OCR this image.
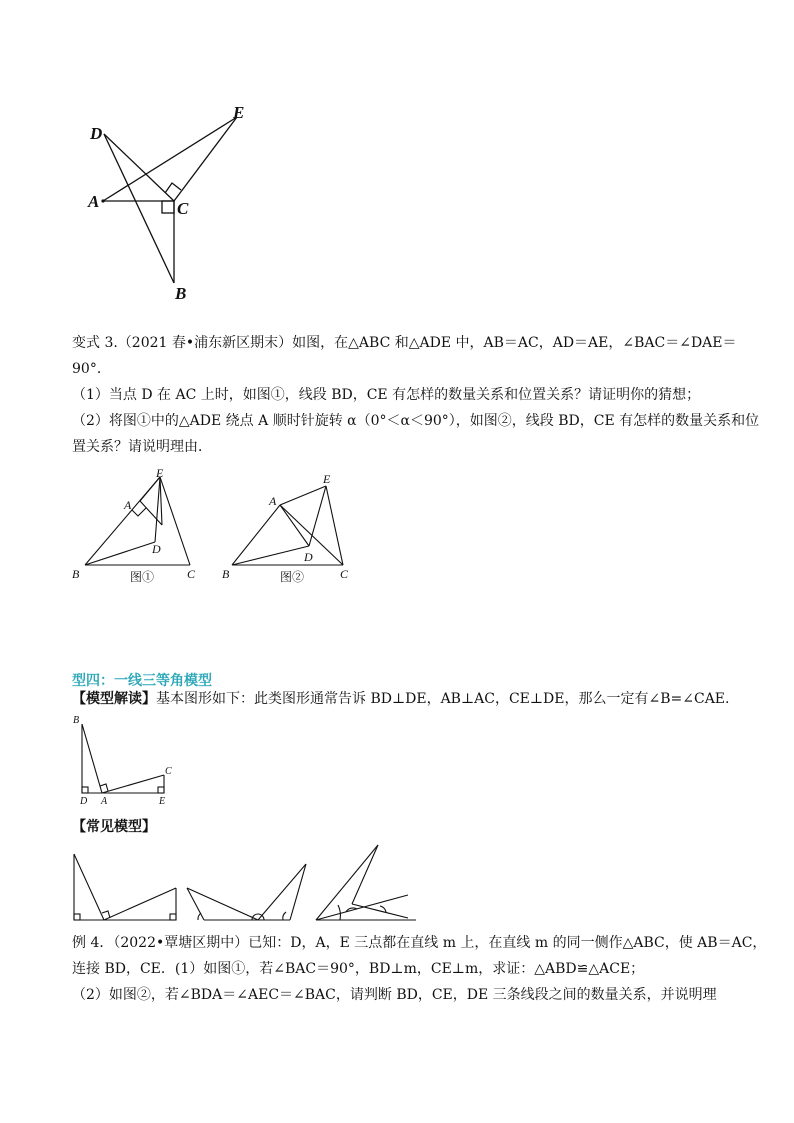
D
E
A	C
B
变式 3.（2021 春•浦东新区期末）如图，在△ABC 和△ADE 中，AB＝AC，AD＝AE，∠BAC＝∠DAE＝
90°．
（1）当点 D 在 AC 上时，如图①，线段 BD，CE 有怎样的数量关系和位置关系？请证明你的猜想；
（2）将图①中的△ADE 绕点 A 顺时针旋转 α（0°＜α＜90°），如图②，线段 BD，CE 有怎样的数量关系和位
置关系？请说明理由．
E
A
D
B	C
图①
A
E
D
B	C
图②
型四：一线三等角模型
【模型解读】基本图形如下：此类图形通常告诉 BD⊥DE，AB⊥AC，CE⊥DE，那么一定有∠B=∠CAE.
B
C
D A	E
【常见模型】
例 4．（2022•覃塘区期中）已知：D，A，E 三点都在直线 m 上，在直线 m 的同一侧作△ABC，使 AB＝AC，
连接 BD，CE．(1）如图①，若∠BAC＝90°，BD⊥m，CE⊥m，求证：△ABD≌△ACE；
（2）如图②，若∠BDA＝∠AEC＝∠BAC，请判断 BD，CE，DE 三条线段之间的数量关系，并说明理
